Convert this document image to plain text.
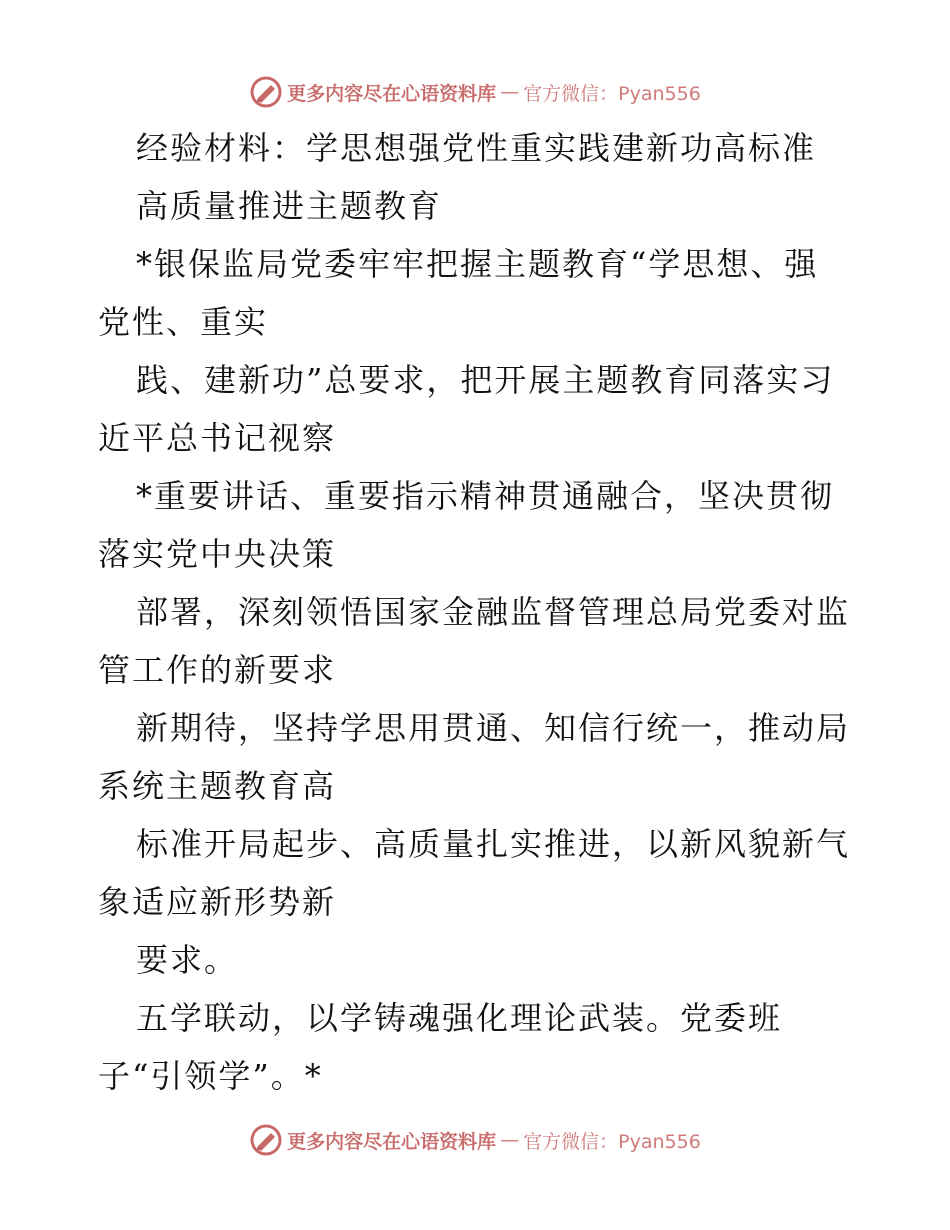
更多内容尽在心语资料库 — 官方微信：Pyan556
经验材料：学思想强党性重实践建新功高标准
高质量推进主题教育
*银保监局党委牢牢把握主题教育“学思想、强
党性、重实
践、建新功”总要求，把开展主题教育同落实习
近平总书记视察
*重要讲话、重要指示精神贯通融合，坚决贯彻
落实党中央决策
部署，深刻领悟国家金融监督管理总局党委对监
管工作的新要求
新期待，坚持学思用贯通、知信行统一，推动局
系统主题教育高
标准开局起步、高质量扎实推进，以新风貌新气
象适应新形势新
要求。
五学联动，以学铸魂强化理论武装。党委班
子“引领学”。*
更多内容尽在心语资料库 — 官方微信：Pyan556
